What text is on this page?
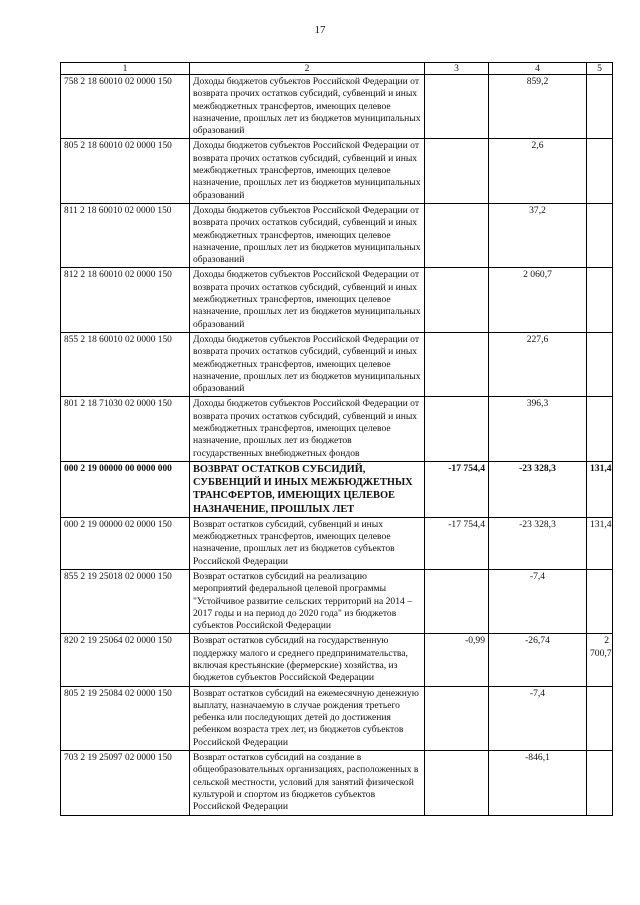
17
1	2	3	4	5
758 2 18 60010 02 0000 150	Доходы бюджетов субъектов Российской Федерации от возврата прочих остатков субсидий, субвенций и иных межбюджетных трансфертов, имеющих целевое назначение, прошлых лет из бюджетов муниципальных образований		859,2	
805 2 18 60010 02 0000 150	Доходы бюджетов субъектов Российской Федерации от возврата прочих остатков субсидий, субвенций и иных межбюджетных трансфертов, имеющих целевое назначение, прошлых лет из бюджетов муниципальных образований		2,6	
811 2 18 60010 02 0000 150	Доходы бюджетов субъектов Российской Федерации от возврата прочих остатков субсидий, субвенций и иных межбюджетных трансфертов, имеющих целевое назначение, прошлых лет из бюджетов муниципальных образований		37,2	
812 2 18 60010 02 0000 150	Доходы бюджетов субъектов Российской Федерации от возврата прочих остатков субсидий, субвенций и иных межбюджетных трансфертов, имеющих целевое назначение, прошлых лет из бюджетов муниципальных образований		2 060,7	
855 2 18 60010 02 0000 150	Доходы бюджетов субъектов Российской Федерации от возврата прочих остатков субсидий, субвенций и иных межбюджетных трансфертов, имеющих целевое назначение, прошлых лет из бюджетов муниципальных образований		227,6	
801 2 18 71030 02 0000 150	Доходы бюджетов субъектов Российской Федерации от возврата прочих остатков субсидий, субвенций и иных межбюджетных трансфертов, имеющих целевое назначение, прошлых лет из бюджетов государственных внебюджетных фондов		396,3	
000 2 19 00000 00 0000 000	ВОЗВРАТ ОСТАТКОВ СУБСИДИЙ, СУБВЕНЦИЙ И ИНЫХ МЕЖБЮДЖЕТНЫХ ТРАНСФЕРТОВ, ИМЕЮЩИХ ЦЕЛЕВОЕ НАЗНАЧЕНИЕ, ПРОШЛЫХ ЛЕТ	-17 754,4	-23 328,3	131,4
000 2 19 00000 02 0000 150	Возврат остатков субсидий, субвенций и иных межбюджетных трансфертов, имеющих целевое назначение, прошлых лет из бюджетов субъектов Российской Федерации	-17 754,4	-23 328,3	131,4
855 2 19 25018 02 0000 150	Возврат остатков субсидий на реализацию мероприятий федеральной целевой программы "Устойчивое развитие сельских территорий на 2014 – 2017 годы и на период до 2020 года" из бюджетов субъектов Российской Федерации		-7,4	
820 2 19 25064 02 0000 150	Возврат остатков субсидий на государственную поддержку малого и среднего предпринимательства, включая крестьянские (фермерские) хозяйства, из бюджетов субъектов Российской Федерации	-0,99	-26,74	2 700,7
805 2 19 25084 02 0000 150	Возврат остатков субсидий на ежемесячную денежную выплату, назначаемую в случае рождения третьего ребенка или последующих детей до достижения ребенком возраста трех лет, из бюджетов субъектов Российской Федерации		-7,4	
703 2 19 25097 02 0000 150	Возврат остатков субсидий на создание в общеобразовательных организациях, расположенных в сельской местности, условий для занятий физической культурой и спортом из бюджетов субъектов Российской Федерации		-846,1	
